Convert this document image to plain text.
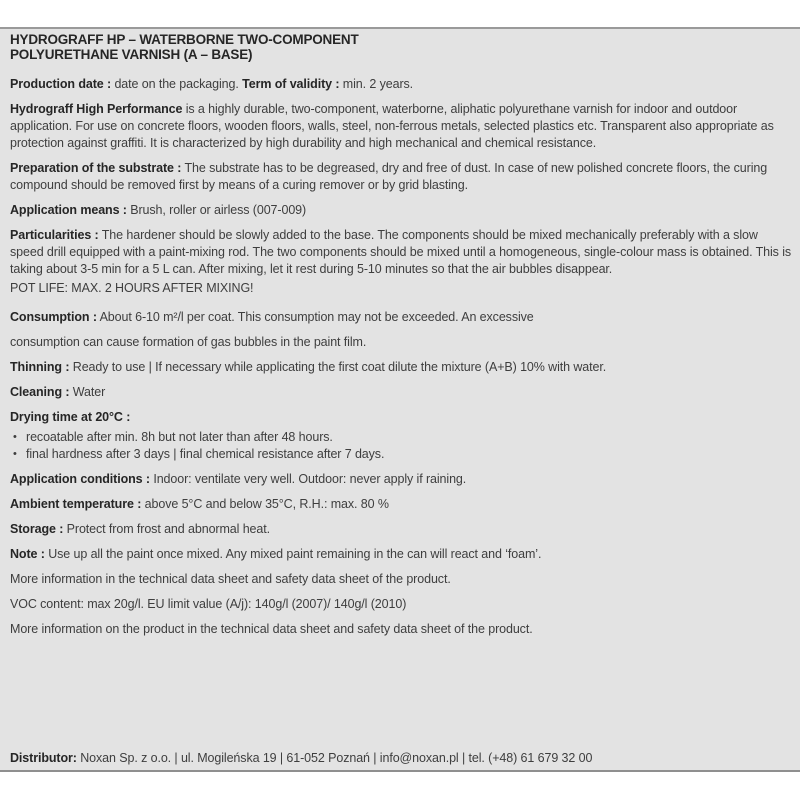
HYDROGRAFF HP – WATERBORNE TWO-COMPONENT
POLYURETHANE VARNISH (A – BASE)

Production date : date on the packaging. Term of validity : min. 2 years.

Hydrograff High Performance is a highly durable, two-component, waterborne, aliphatic polyurethane varnish for indoor and outdoor application. For use on concrete floors, wooden floors, walls, steel, non-ferrous metals, selected plastics etc. Transparent also appropriate as protection against graffiti. It is characterized by high durability and high mechanical and chemical resistance.

Preparation of the substrate : The substrate has to be degreased, dry and free of dust. In case of new polished concrete floors, the curing compound should be removed first by means of a curing remover or by grid blasting.

Application means : Brush, roller or airless (007-009)

Particularities : The hardener should be slowly added to the base. The components should be mixed mechanically preferably with a slow speed drill equipped with a paint-mixing rod. The two components should be mixed until a homogeneous, single-colour mass is obtained. This is taking about 3-5 min for a 5 L can. After mixing, let it rest during 5-10 minutes so that the air bubbles disappear.

POT LIFE: MAX. 2 HOURS AFTER MIXING!

Consumption : About 6-10 m²/l per coat. This consumption may not be exceeded. An excessive

consumption can cause formation of gas bubbles in the paint film.

Thinning : Ready to use | If necessary while applicating the first coat dilute the mixture (A+B) 10% with water.

Cleaning : Water

Drying time at 20°C :

• recoatable after min. 8h but not later than after 48 hours.
• final hardness after 3 days | final chemical resistance after 7 days.

Application conditions : Indoor: ventilate very well. Outdoor: never apply if raining.

Ambient temperature : above 5°C and below 35°C, R.H.: max. 80 %

Storage : Protect from frost and abnormal heat.

Note : Use up all the paint once mixed. Any mixed paint remaining in the can will react and ‘foam’.

More information in the technical data sheet and safety data sheet of the product.

VOC content: max 20g/l. EU limit value (A/j): 140g/l (2007)/ 140g/l (2010)

More information on the product in the technical data sheet and safety data sheet of the product.

Distributor: Noxan Sp. z o.o. | ul. Mogileńska 19 | 61-052 Poznań | info@noxan.pl | tel. (+48) 61 679 32 00
